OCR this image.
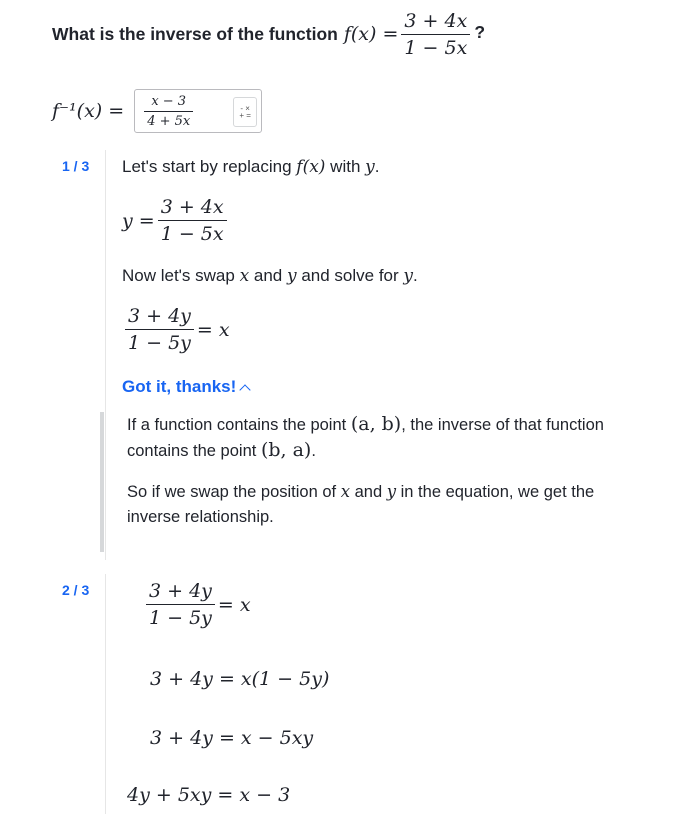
What is the inverse of the function $f(x) = \frac{3 + 4x}{1 - 5x}$ ?
$f^{-1}(x) = \frac{x - 3}{4 + 5x}$	- ×
+ =
1 / 3 Let's start by replacing f(x) with y.
$y = \frac{3 + 4x}{1 - 5x}$
Now let's swap x and y and solve for y.
$\frac{3 + 4y}{1 - 5y} = x$
Got it, thanks!
If a function contains the point (a, b), the inverse of that function contains the point (b, a).
So if we swap the position of x and y in the equation, we get the inverse relationship.
2 / 3	$\frac{3 + 4y}{1 - 5y} = x$
3 + 4y = x(1 − 5y)
3 + 4y = x − 5xy
4y + 5xy = x − 3
